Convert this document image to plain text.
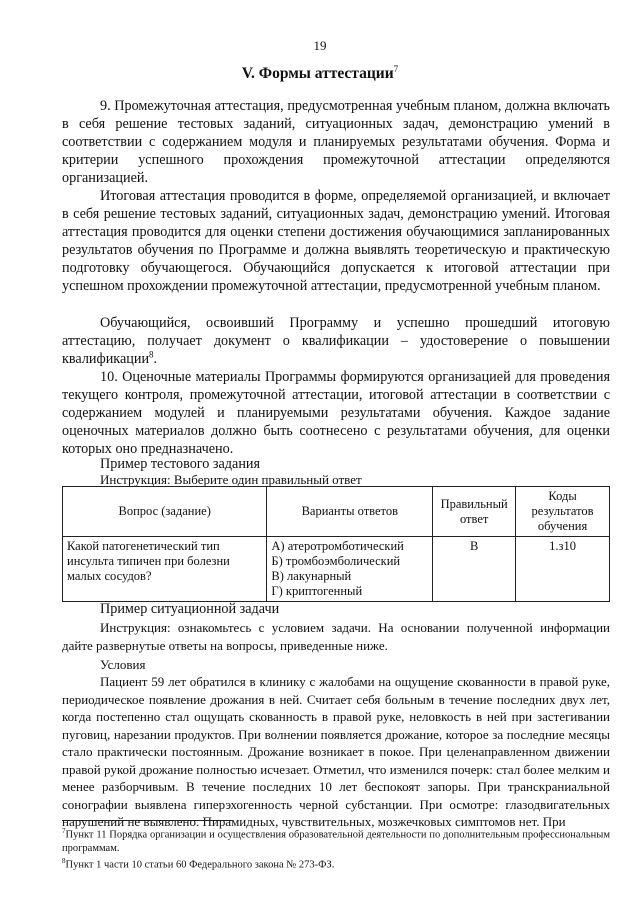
19
V. Формы аттестации$^7$
9. Промежуточная аттестация, предусмотренная учебным планом, должна включать в себя решение тестовых заданий, ситуационных задач, демонстрацию умений в соответствии с содержанием модуля и планируемых результатами обучения. Форма и критерии успешного прохождения промежуточной аттестации определяются организацией.
Итоговая аттестация проводится в форме, определяемой организацией, и включает в себя решение тестовых заданий, ситуационных задач, демонстрацию умений. Итоговая аттестация проводится для оценки степени достижения обучающимися запланированных результатов обучения по Программе и должна выявлять теоретическую и практическую подготовку обучающегося. Обучающийся допускается к итоговой аттестации при успешном прохождении промежуточной аттестации, предусмотренной учебным планом.
Обучающийся, освоивший Программу и успешно прошедший итоговую аттестацию, получает документ о квалификации – удостоверение о повышении квалификации$^8$.
10. Оценочные материалы Программы формируются организацией для проведения текущего контроля, промежуточной аттестации, итоговой аттестации в соответствии с содержанием модулей и планируемыми результатами обучения. Каждое задание оценочных материалов должно быть соотнесено с результатами обучения, для оценки которых оно предназначено.
Пример тестового задания
Инструкция: Выберите один правильный ответ
Вопрос (задание)	Варианты ответов	Правильный ответ	Коды результатов обучения
Какой патогенетический тип инсульта типичен при болезни малых сосудов?	А) атеротромботический
Б) тромбоэмболический
В) лакунарный
Г) криптогенный	В	1.з10
Пример ситуационной задачи
Инструкция: ознакомьтесь с условием задачи. На основании полученной информации дайте развернутые ответы на вопросы, приведенные ниже.
Условия
Пациент 59 лет обратился в клинику с жалобами на ощущение скованности в правой руке, периодическое появление дрожания в ней. Считает себя больным в течение последних двух лет, когда постепенно стал ощущать скованность в правой руке, неловкость в ней при застегивании пуговиц, нарезании продуктов. При волнении появляется дрожание, которое за последние месяцы стало практически постоянным. Дрожание возникает в покое. При целенаправленном движении правой рукой дрожание полностью исчезает. Отметил, что изменился почерк: стал более мелким и менее разборчивым. В течение последних 10 лет беспокоят запоры. При транскраниальной сонографии выявлена гиперэхогенность черной субстанции. При осмотре: глазодвигательных нарушений не выявлено. Пирамидных, чувствительных, мозжечковых симптомов нет. При
$^7$Пункт 11 Порядка организации и осуществления образовательной деятельности по дополнительным профессиональным программам.
$^8$Пункт 1 части 10 статьи 60 Федерального закона № 273-ФЗ.
